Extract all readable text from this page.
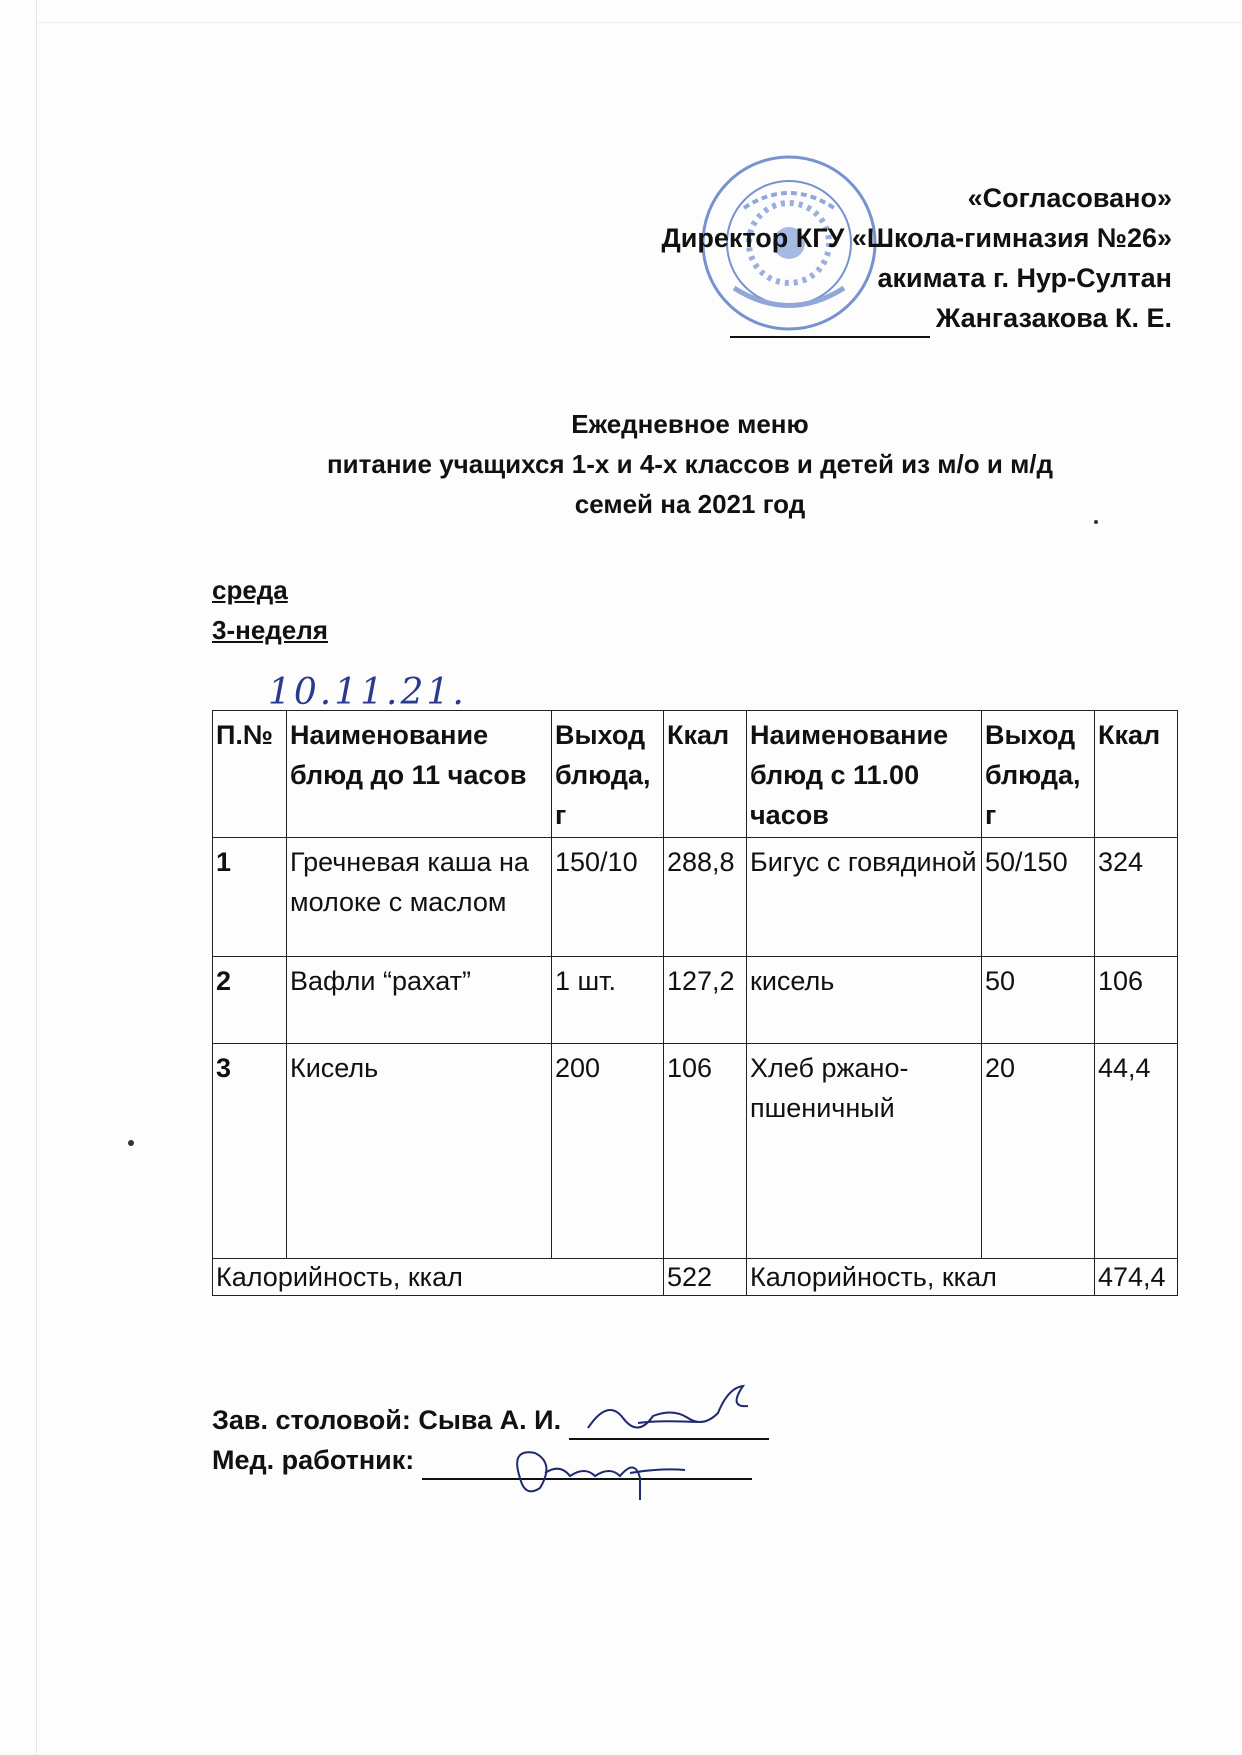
«Согласовано»
Директор КГУ «Школа-гимназия №26»
акимата г. Нур-Султан
Жангазакова К. Е.
Ежедневное меню
питание учащихся 1-х и 4-х классов и детей из м/о и м/д
семей на 2021 год
среда
3-неделя
10.11.21.
П.№	Наименование блюд до 11 часов	Выход блюда, г	Ккал	Наименование блюд с 11.00 часов	Выход блюда, г	Ккал
1	Гречневая каша на молоке с маслом	150/10	288,8	Бигус с говядиной	50/150	324
2	Вафли “рахат”	1 шт.	127,2	кисель	50	106
3	Кисель	200	106	Хлеб ржано-пшеничный	20	44,4
Калорийность, ккал			522	Калорийность, ккал		474,4
Зав. столовой: Сыва А. И.
Мед. работник:
